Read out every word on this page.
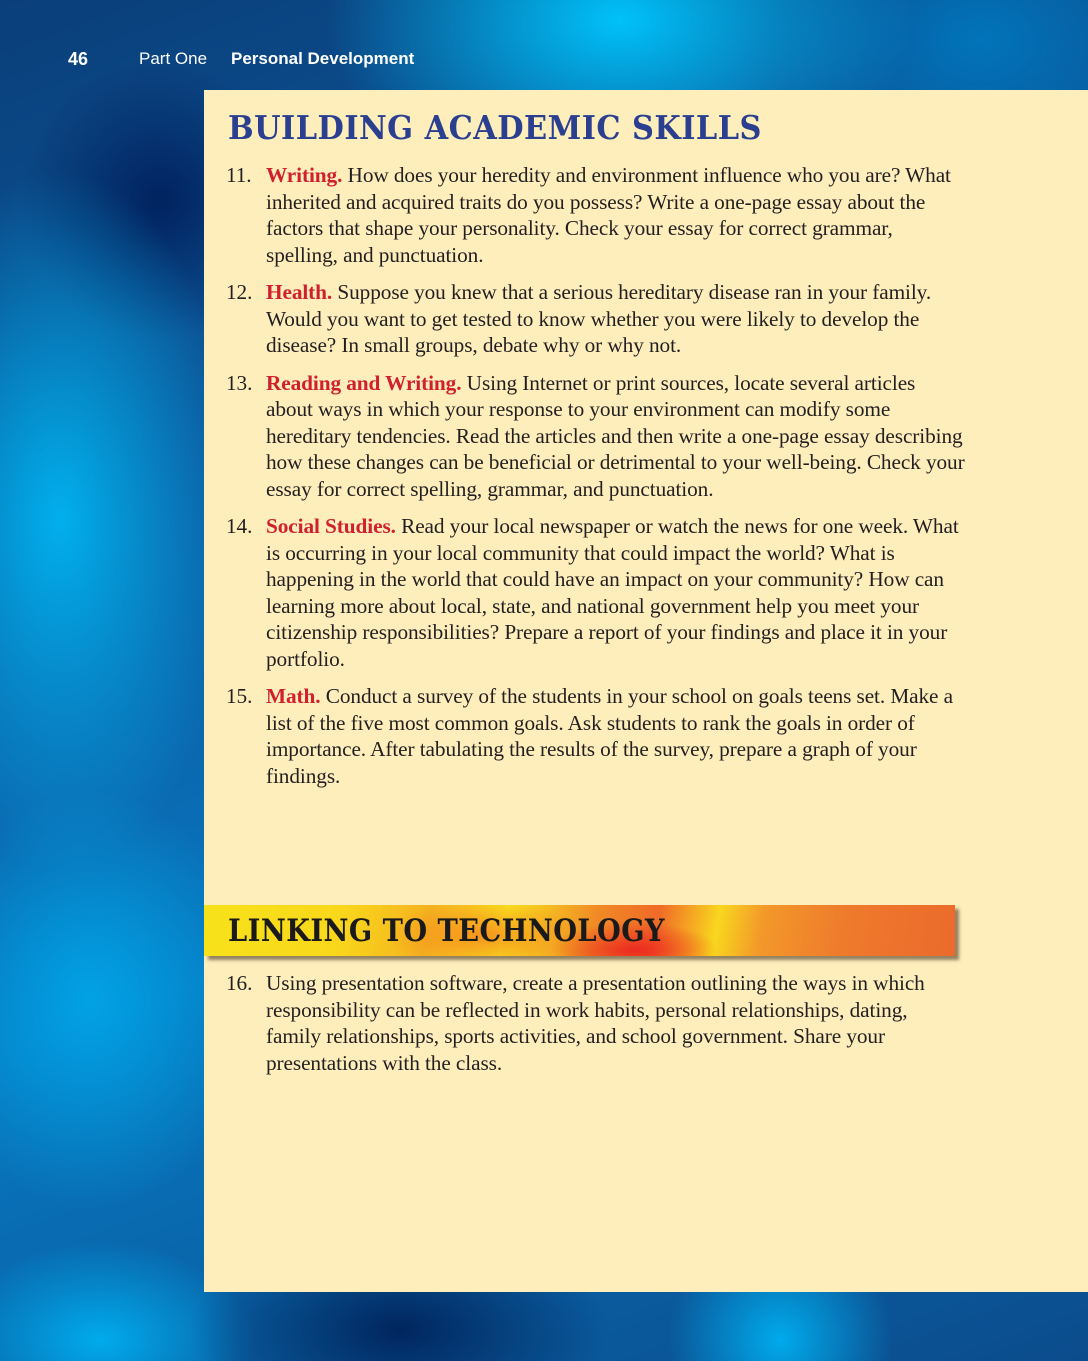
46	Part One Personal Development
BUILDING ACADEMIC SKILLS
11. Writing. How does your heredity and environment influence who you are? What inherited and acquired traits do you possess? Write a one-page essay about the factors that shape your personality. Check your essay for correct grammar, spelling, and punctuation.
12. Health. Suppose you knew that a serious hereditary disease ran in your family. Would you want to get tested to know whether you were likely to develop the disease? In small groups, debate why or why not.
13. Reading and Writing. Using Internet or print sources, locate several articles about ways in which your response to your environment can modify some hereditary tendencies. Read the articles and then write a one-page essay describing how these changes can be beneficial or detrimental to your well-being. Check your essay for correct spelling, grammar, and punctuation.
14. Social Studies. Read your local newspaper or watch the news for one week. What is occurring in your local community that could impact the world? What is happening in the world that could have an impact on your community? How can learning more about local, state, and national government help you meet your citizenship responsibilities? Prepare a report of your findings and place it in your portfolio.
15. Math. Conduct a survey of the students in your school on goals teens set. Make a list of the five most common goals. Ask students to rank the goals in order of importance. After tabulating the results of the survey, prepare a graph of your findings.
LINKING TO TECHNOLOGY
16. Using presentation software, create a presentation outlining the ways in which responsibility can be reflected in work habits, personal relationships, dating, family relationships, sports activities, and school government. Share your presentations with the class.
